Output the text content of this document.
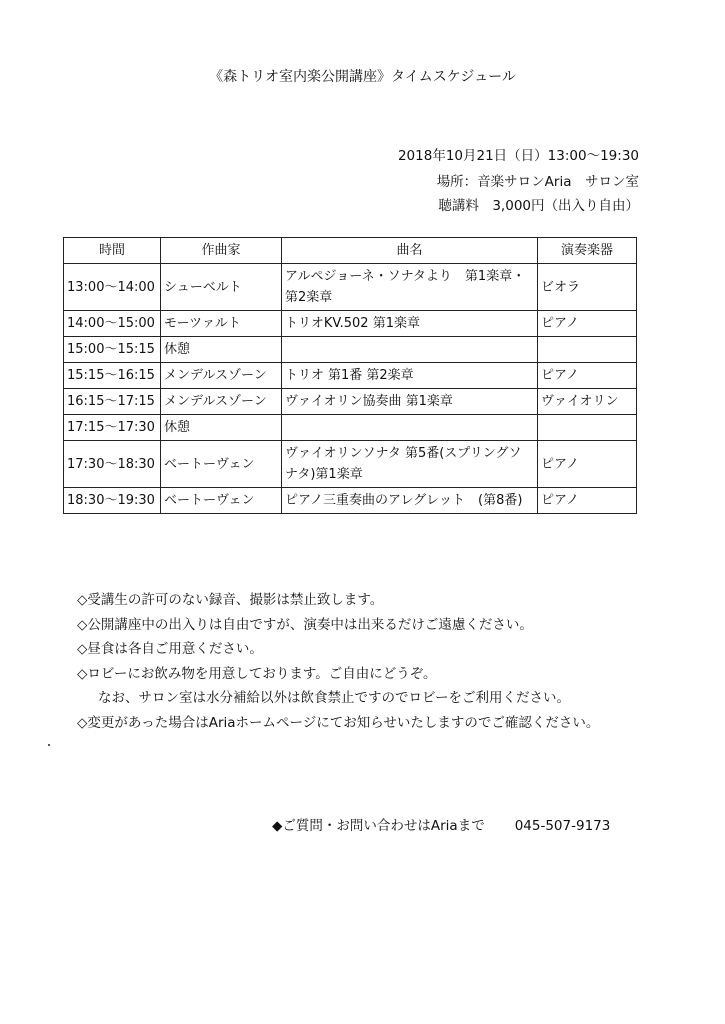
《森トリオ室内楽公開講座》タイムスケジュール
2018年10月21日（日）13:00〜19:30
場所：音楽サロンAria　サロン室
聴講料　3,000円（出入り自由）
時間	作曲家	曲名	演奏楽器
13:00〜14:00	シューベルト	アルペジョーネ・ソナタより　第1楽章・第2楽章	ビオラ
14:00〜15:00	モーツァルト	トリオKV.502 第1楽章	ピアノ
15:00〜15:15	休憩		
15:15〜16:15	メンデルスゾーン	トリオ 第1番 第2楽章	ピアノ
16:15〜17:15	メンデルスゾーン	ヴァイオリン協奏曲 第1楽章	ヴァイオリン
17:15〜17:30	休憩		
17:30〜18:30	ベートーヴェン	ヴァイオリンソナタ 第5番(スプリングソナタ)第1楽章	ピアノ
18:30〜19:30	ベートーヴェン	ピアノ三重奏曲のアレグレット　(第8番)	ピアノ
◇受講生の許可のない録音、撮影は禁止致します。
◇公開講座中の出入りは自由ですが、演奏中は出来るだけご遠慮ください。
◇昼食は各自ご用意ください。
◇ロビーにお飲み物を用意しております。ご自由にどうぞ。
なお、サロン室は水分補給以外は飲食禁止ですのでロビーをご利用ください。
◇変更があった場合はAriaホームページにてお知らせいたしますのでご確認ください。
◆ご質問・お問い合わせはAriaまで 045-507-9173
